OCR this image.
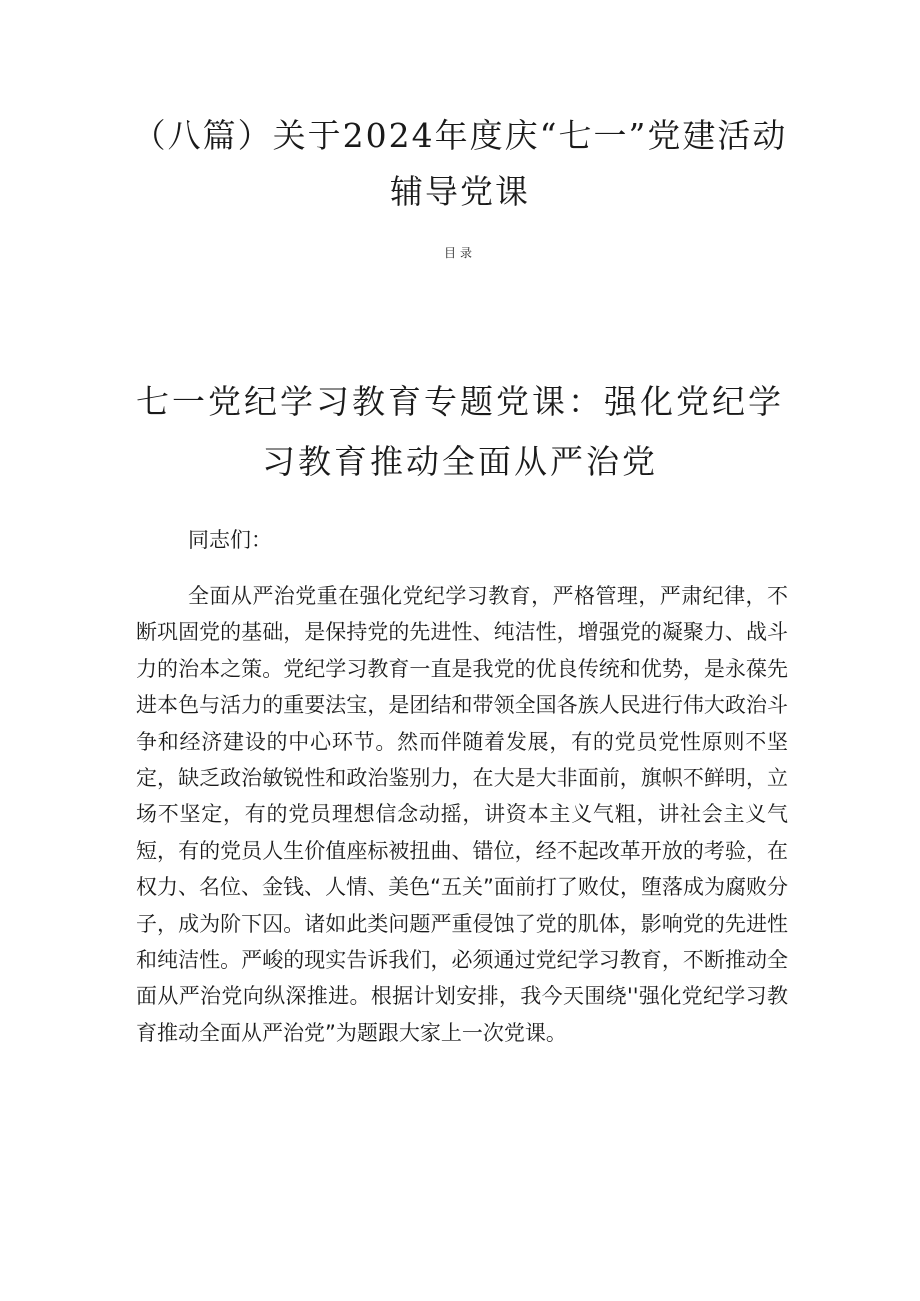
（八篇）关于2024年度庆“七一”党建活动辅导党课
目录
七一党纪学习教育专题党课：强化党纪学习教育推动全面从严治党

同志们：

全面从严治党重在强化党纪学习教育，严格管理，严肃纪律，不断巩固党的基础，是保持党的先进性、纯洁性，增强党的凝聚力、战斗力的治本之策。党纪学习教育一直是我党的优良传统和优势，是永葆先进本色与活力的重要法宝，是团结和带领全国各族人民进行伟大政治斗争和经济建设的中心环节。然而伴随着发展，有的党员党性原则不坚定，缺乏政治敏锐性和政治鉴别力，在大是大非面前，旗帜不鲜明，立场不坚定，有的党员理想信念动摇，讲资本主义气粗，讲社会主义气短，有的党员人生价值座标被扭曲、错位，经不起改革开放的考验，在权力、名位、金钱、人情、美色“五关”面前打了败仗，堕落成为腐败分子，成为阶下囚。诸如此类问题严重侵蚀了党的肌体，影响党的先进性和纯洁性。严峻的现实告诉我们，必须通过党纪学习教育，不断推动全面从严治党向纵深推进。根据计划安排，我今天围绕''强化党纪学习教育推动全面从严治党”为题跟大家上一次党课。
